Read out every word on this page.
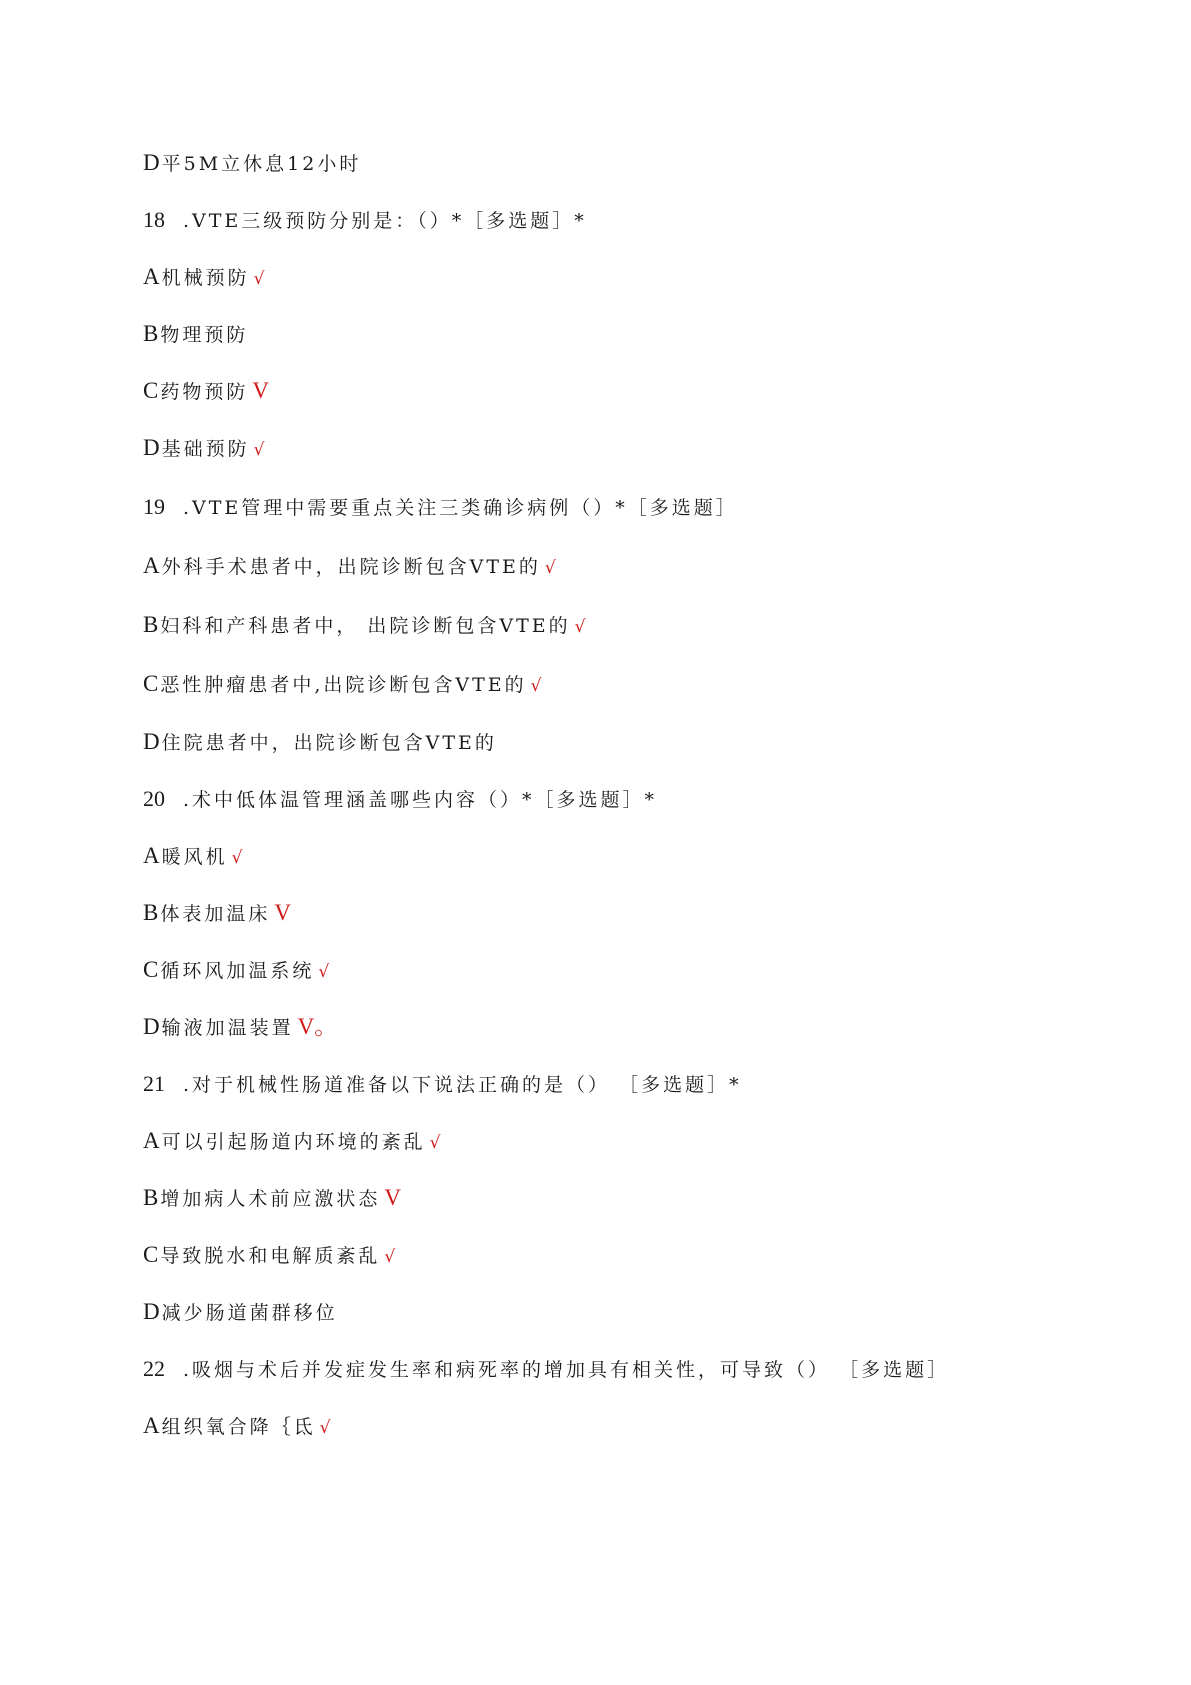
D 平5M立休息12小时
18 .VTE三级预防分别是：（）*［多选题］*
A 机械预防 √
B 物理预防
C 药物预防 V
D 基础预防 √
19 .VTE管理中需要重点关注三类确诊病例（）*［多选题］
A 外科手术患者中，出院诊断包含VTE的 √
B 妇科和产科患者中， 出院诊断包含VTE的 √
C 恶性肿瘤患者中,出院诊断包含VTE的 √
D 住院患者中，出院诊断包含VTE的
20 .术中低体温管理涵盖哪些内容（）*［多选题］*
A 暖风机 √
B 体表加温床 V
C 循环风加温系统 √
D 输液加温装置 V。
21 .对于机械性肠道准备以下说法正确的是（） ［多选题］*
A 可以引起肠道内环境的紊乱 √
B 增加病人术前应激状态 V
C 导致脱水和电解质紊乱 √
D 减少肠道菌群移位
22 .吸烟与术后并发症发生率和病死率的增加具有相关性，可导致（） ［多选题］
A 组织氧合降｛氐 √
